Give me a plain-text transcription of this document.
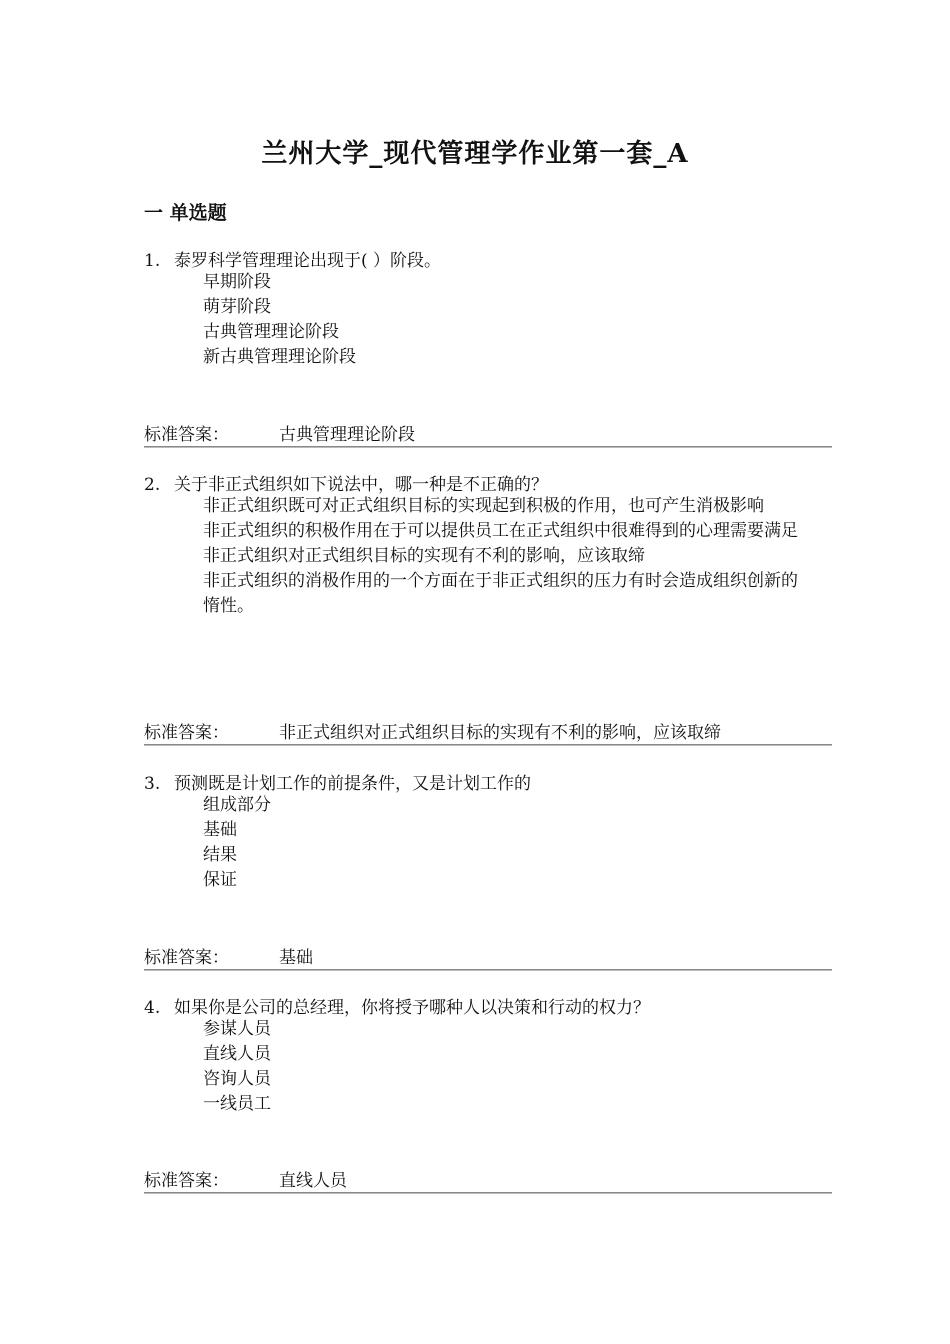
兰州大学_现代管理学作业第一套_A
一 单选题
1. 泰罗科学管理理论出现于( ）阶段。
早期阶段
萌芽阶段
古典管理理论阶段
新古典管理理论阶段
标准答案：	古典管理理论阶段
2. 关于非正式组织如下说法中，哪一种是不正确的？
非正式组织既可对正式组织目标的实现起到积极的作用，也可产生消极影响
非正式组织的积极作用在于可以提供员工在正式组织中很难得到的心理需要满足
非正式组织对正式组织目标的实现有不利的影响，应该取缔
非正式组织的消极作用的一个方面在于非正式组织的压力有时会造成组织创新的惰性。
标准答案：	非正式组织对正式组织目标的实现有不利的影响，应该取缔
3. 预测既是计划工作的前提条件，又是计划工作的
组成部分
基础
结果
保证
标准答案：	基础
4. 如果你是公司的总经理，你将授予哪种人以决策和行动的权力？
参谋人员
直线人员
咨询人员
一线员工
标准答案：	直线人员
